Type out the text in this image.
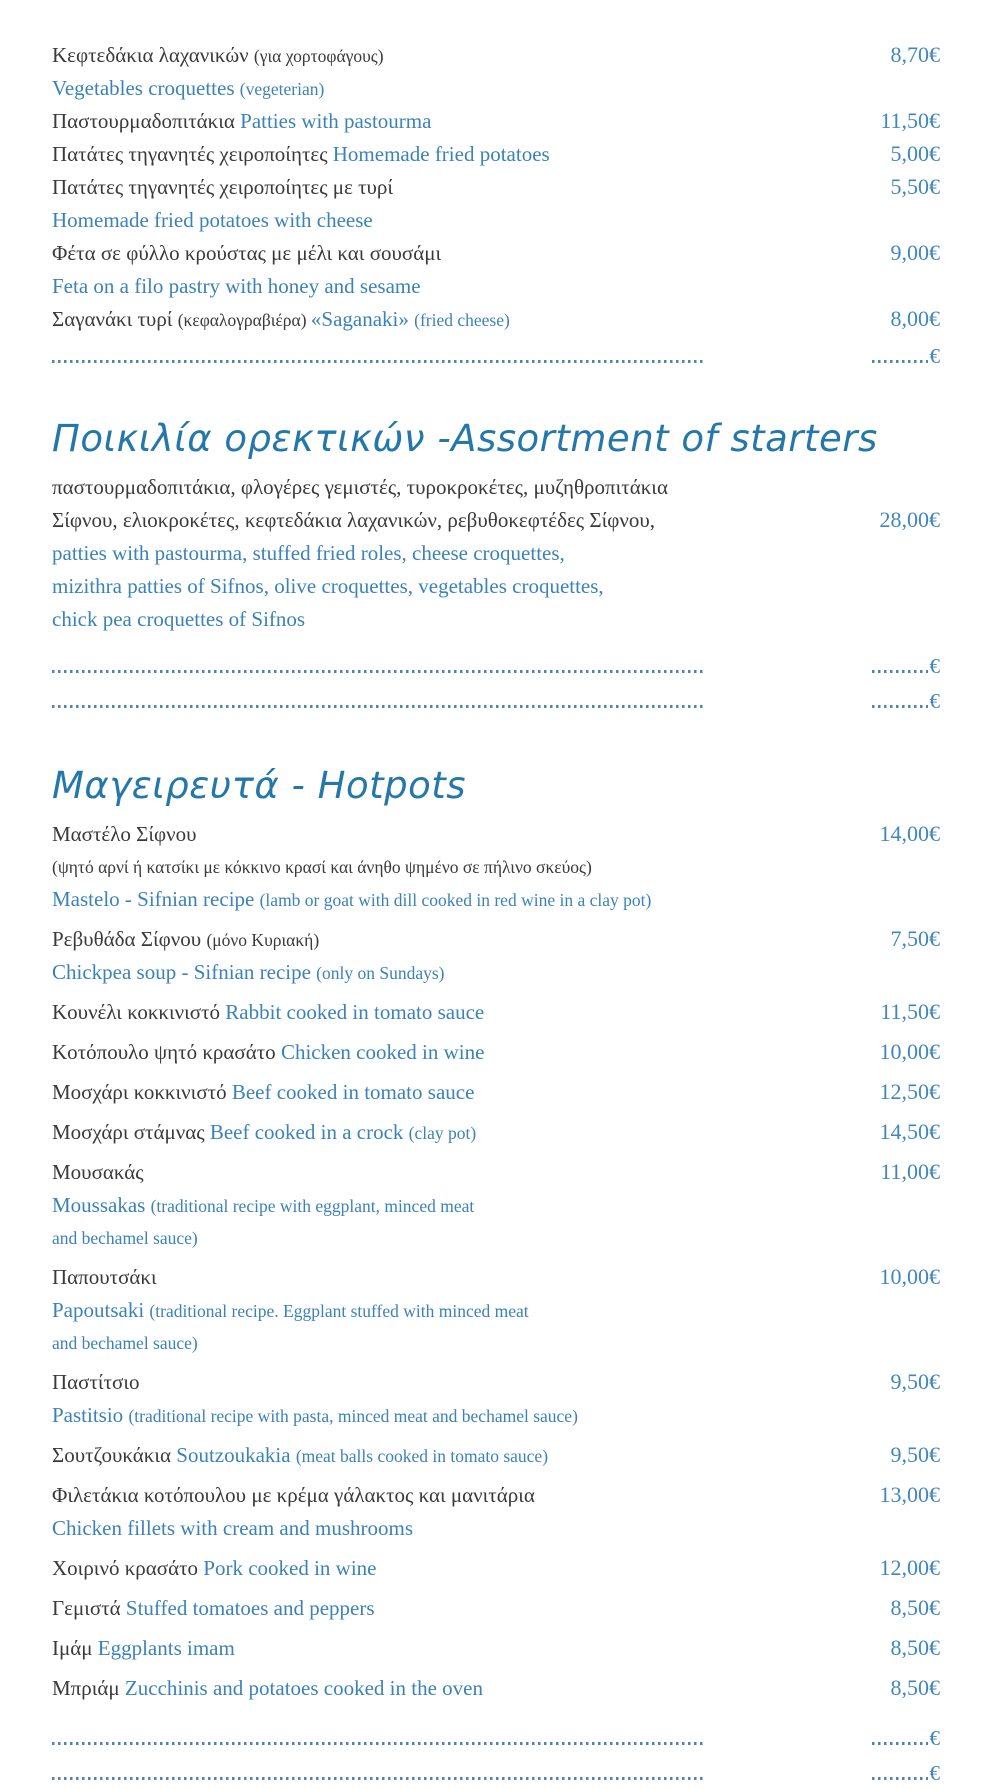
Κεφτεδάκια λαχανικών (για χορτοφάγους)	8,70€
Vegetables croquettes (vegeterian)
Παστουρμαδοπιτάκια Patties with pastourma	11,50€
Πατάτες τηγανητές χειροποίητες Homemade fried potatoes	5,00€
Πατάτες τηγανητές χειροποίητες με τυρί	5,50€
Homemade fried potatoes with cheese
Φέτα σε φύλλο κρούστας με μέλι και σουσάμι	9,00€
Feta on a filo pastry with honey and sesame
Σαγανάκι τυρί (κεφαλογραβιέρα) «Saganaki» (fried cheese)	8,00€
€
Ποικιλία ορεκτικών -Assortment of starters
παστουρμαδοπιτάκια, φλογέρες γεμιστές, τυροκροκέτες, μυζηθροπιτάκια
Σίφνου, ελιοκροκέτες, κεφτεδάκια λαχανικών, ρεβυθοκεφτέδες Σίφνου,	28,00€
patties with pastourma, stuffed fried roles, cheese croquettes,
mizithra patties of Sifnos, olive croquettes, vegetables croquettes,
chick pea croquettes of Sifnos
€
€
Μαγειρευτά - Hotpots
Μαστέλο Σίφνου	14,00€
(ψητό αρνί ή κατσίκι με κόκκινο κρασί και άνηθο ψημένο σε πήλινο σκεύος)
Mastelo - Sifnian recipe (lamb or goat with dill cooked in red wine in a clay pot)
Ρεβυθάδα Σίφνου (μόνο Κυριακή)	7,50€
Chickpea soup - Sifnian recipe (only on Sundays)
Κουνέλι κοκκινιστό Rabbit cooked in tomato sauce	11,50€
Κοτόπουλο ψητό κρασάτο Chicken cooked in wine	10,00€
Μοσχάρι κοκκινιστό Beef cooked in tomato sauce	12,50€
Μοσχάρι στάμνας Beef cooked in a crock (clay pot)	14,50€
Μουσακάς	11,00€
Moussakas (traditional recipe with eggplant, minced meat
and bechamel sauce)
Παπουτσάκι	10,00€
Papoutsaki (traditional recipe. Eggplant stuffed with minced meat
and bechamel sauce)
Παστίτσιο	9,50€
Pastitsio (traditional recipe with pasta, minced meat and bechamel sauce)
Σουτζουκάκια Soutzoukakia (meat balls cooked in tomato sauce)	9,50€
Φιλετάκια κοτόπουλου με κρέμα γάλακτος και μανιτάρια	13,00€
Chicken fillets with cream and mushrooms
Χοιρινό κρασάτο Pork cooked in wine	12,00€
Γεμιστά Stuffed tomatoes and peppers	8,50€
Ιμάμ Eggplants imam	8,50€
Μπριάμ Zucchinis and potatoes cooked in the oven	8,50€
€
€
